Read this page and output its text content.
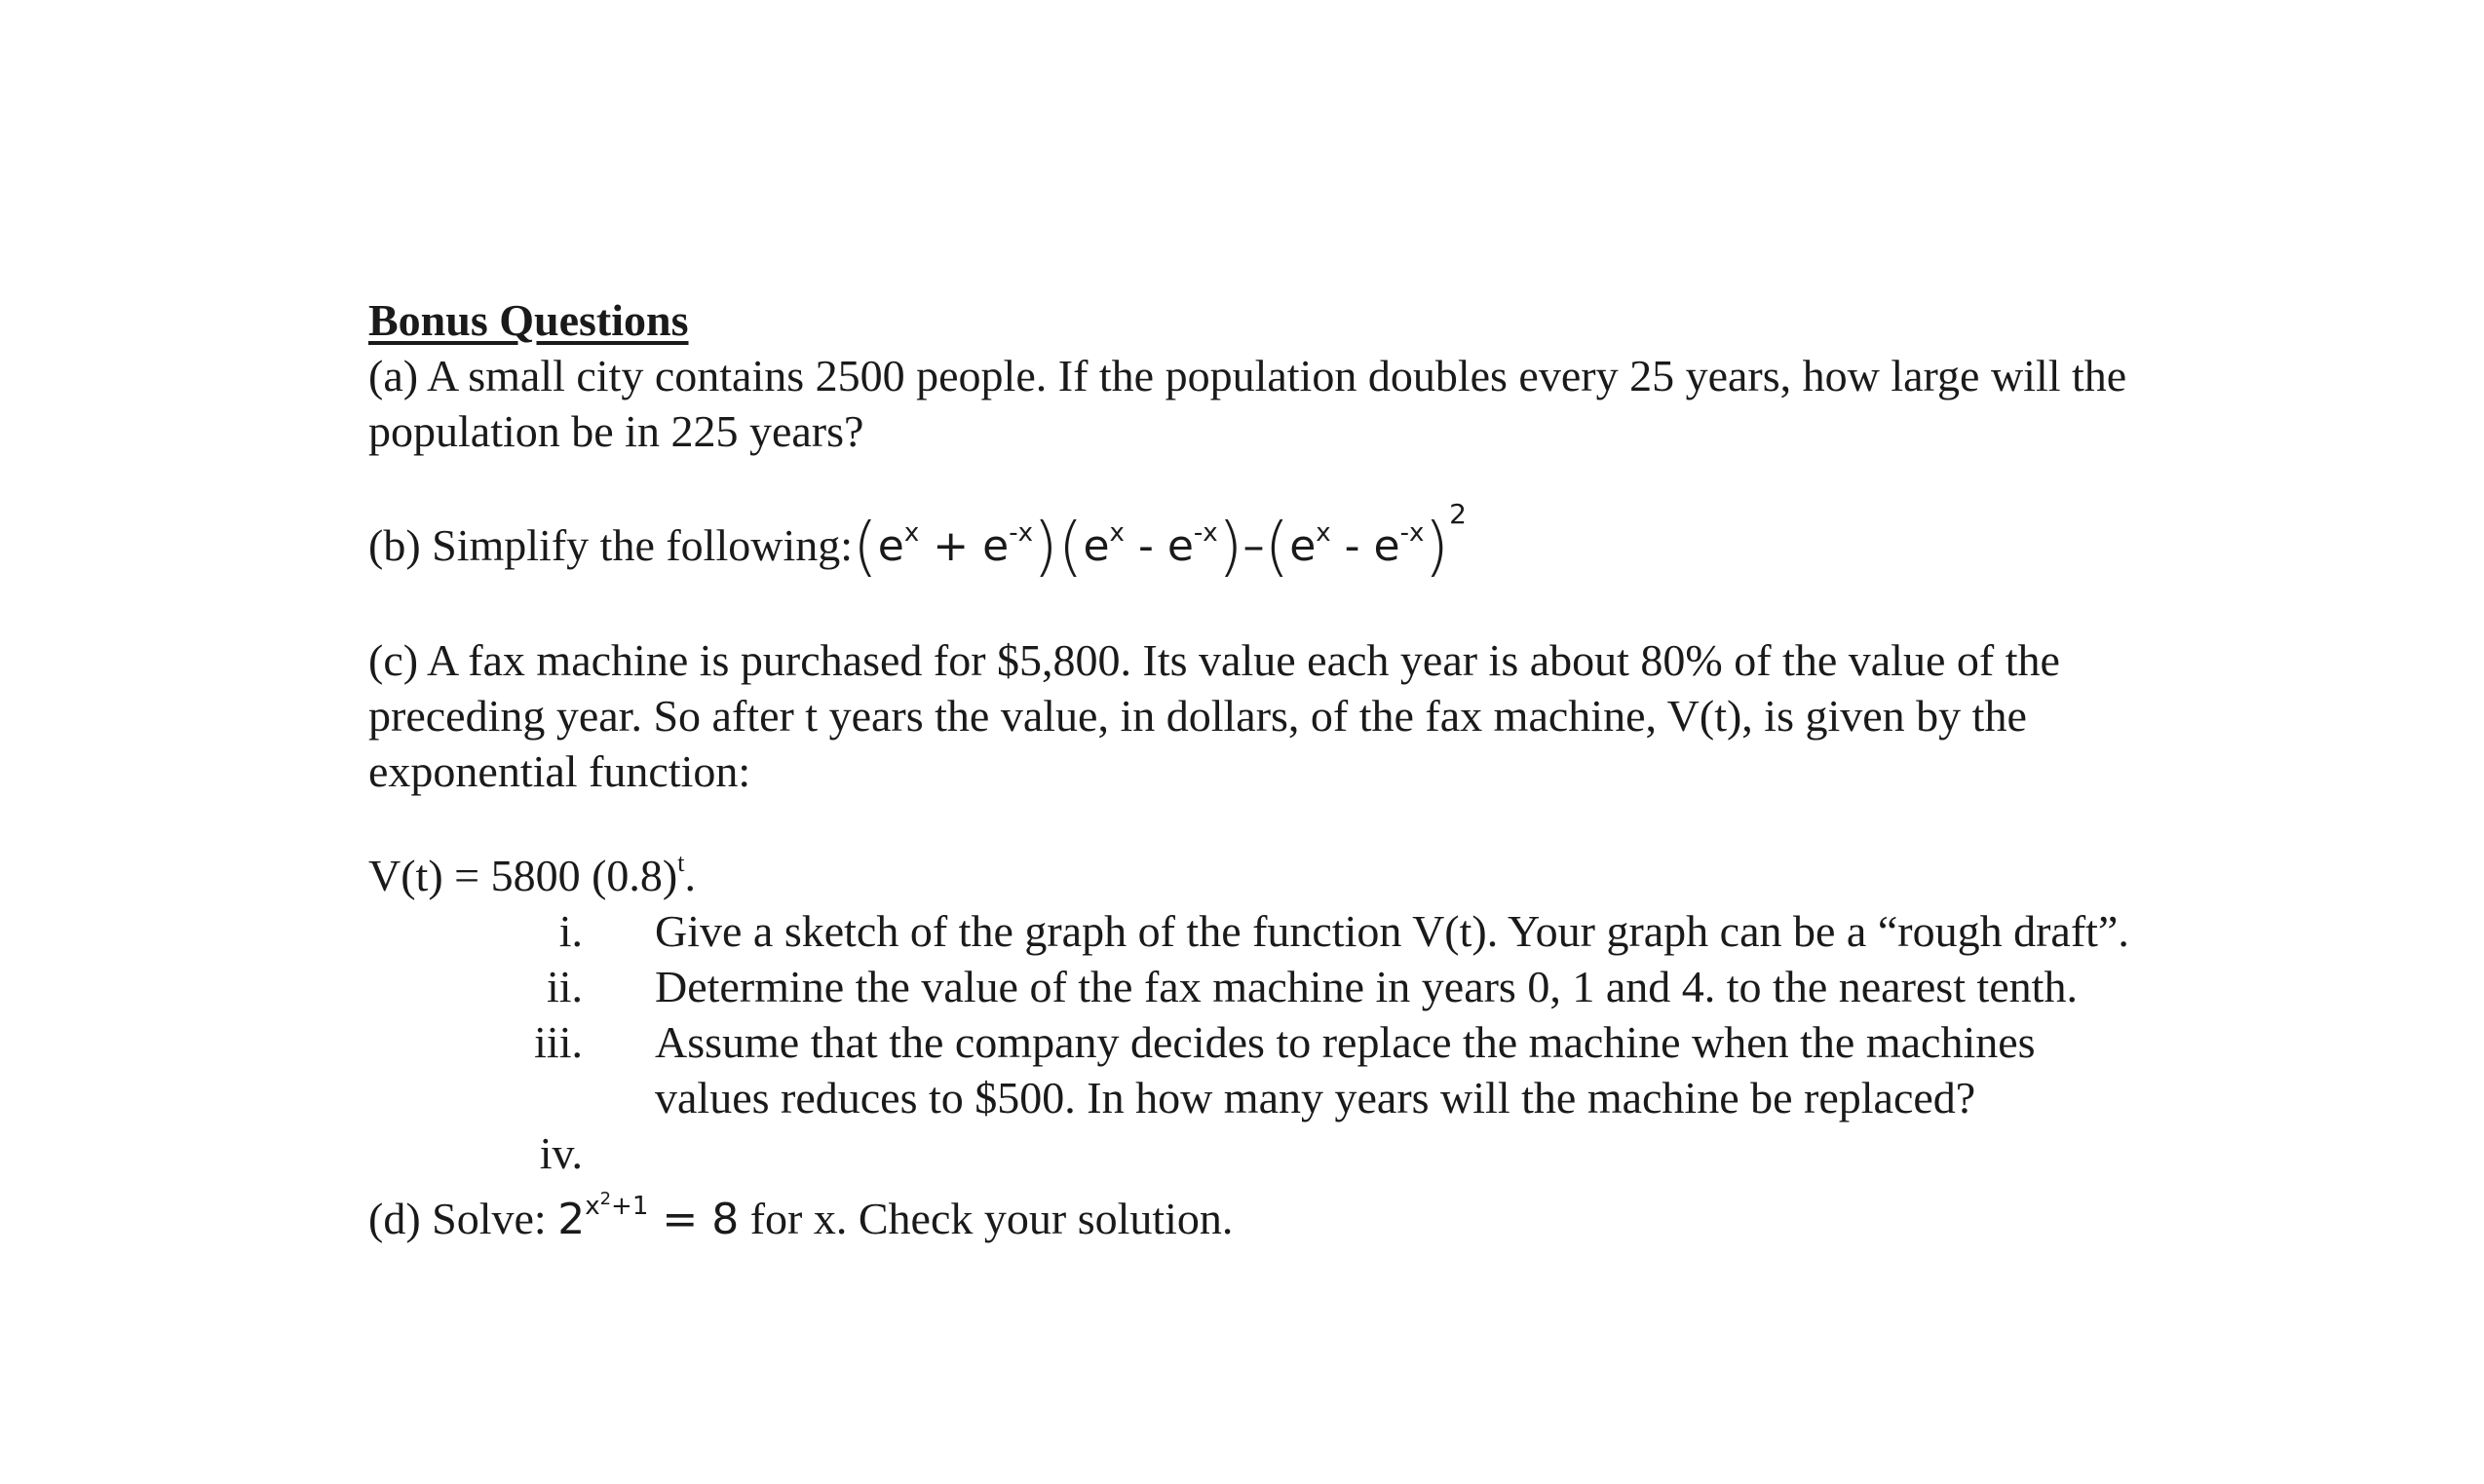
Bonus Questions

(a) A small city contains 2500 people. If the population doubles every 25 years, how large will the population be in 225 years?

(b) Simplify the $following:(e^x + e^{-x})(e^x - e^{-x})-(e^x - e^{-x})^2$

(c) A fax machine is purchased for $5,800. Its value each year is about 80% of the value of the preceding year. So after t years the value, in dollars, of the fax machine, V(t), is given by the exponential function:

V(t) = 5800 $(0.8)^t$.

i. Give a sketch of the graph of the function V(t). Your graph can be a “rough draft”.
ii. Determine the value of the fax machine in years 0, 1 and 4. to the nearest tenth.
iii. Assume that the company decides to replace the machine when the machines values reduces to $500. In how many years will the machine be replaced?
iv.

(d) Solve: $2^{x^2+1} = 8$ for x. Check your solution.
